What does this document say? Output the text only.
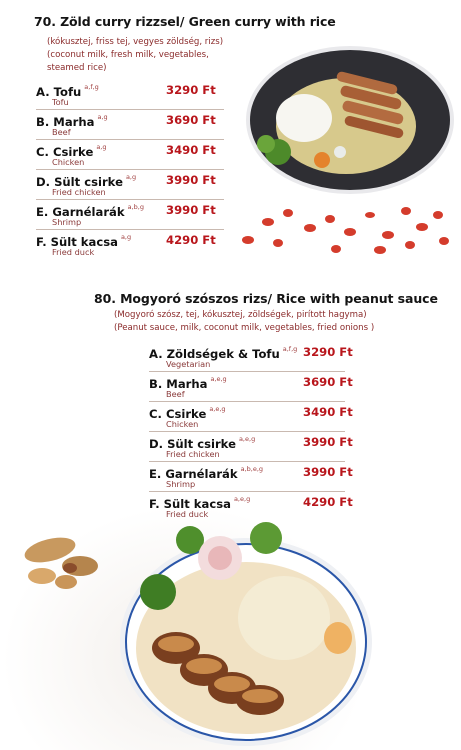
70. Zöld curry rizzsel/ Green curry with rice
(kókusztej, friss tej, vegyes zöldség, rizs)
(coconut milk, fresh milk, vegetables,
steamed rice)
A. Tofu $^{a,f,g}$
Tofu
3290 Ft
B. Marha $^{a,g}$
Beef
3690 Ft
C. Csirke $^{a,g}$
Chicken
3490 Ft
D. Sült csirke $^{a,g}$
Fried chicken
3990 Ft
E. Garnélarák $^{a,b,g}$
Shrimp
3990 Ft
F. Sült kacsa $^{a,g}$
Fried duck
4290 Ft
80. Mogyoró szószos rizs/ Rice with peanut sauce
(Mogyoró szósz, tej, kókusztej, zöldségek, pirított hagyma)
(Peanut sauce, milk, coconut milk, vegetables, fried onions )
A. Zöldségek & Tofu $^{a,f,g}$
Vegetarian
3290 Ft
B. Marha $^{a,e,g}$
Beef
3690 Ft
C. Csirke $^{a,e,g}$
Chicken
3490 Ft
D. Sült csirke $^{a,e,g}$
Fried chicken
3990 Ft
E. Garnélarák $^{a,b,e,g}$
Shrimp
3990 Ft
F. Sült kacsa $^{a,e,g}$
Fried duck
4290 Ft
